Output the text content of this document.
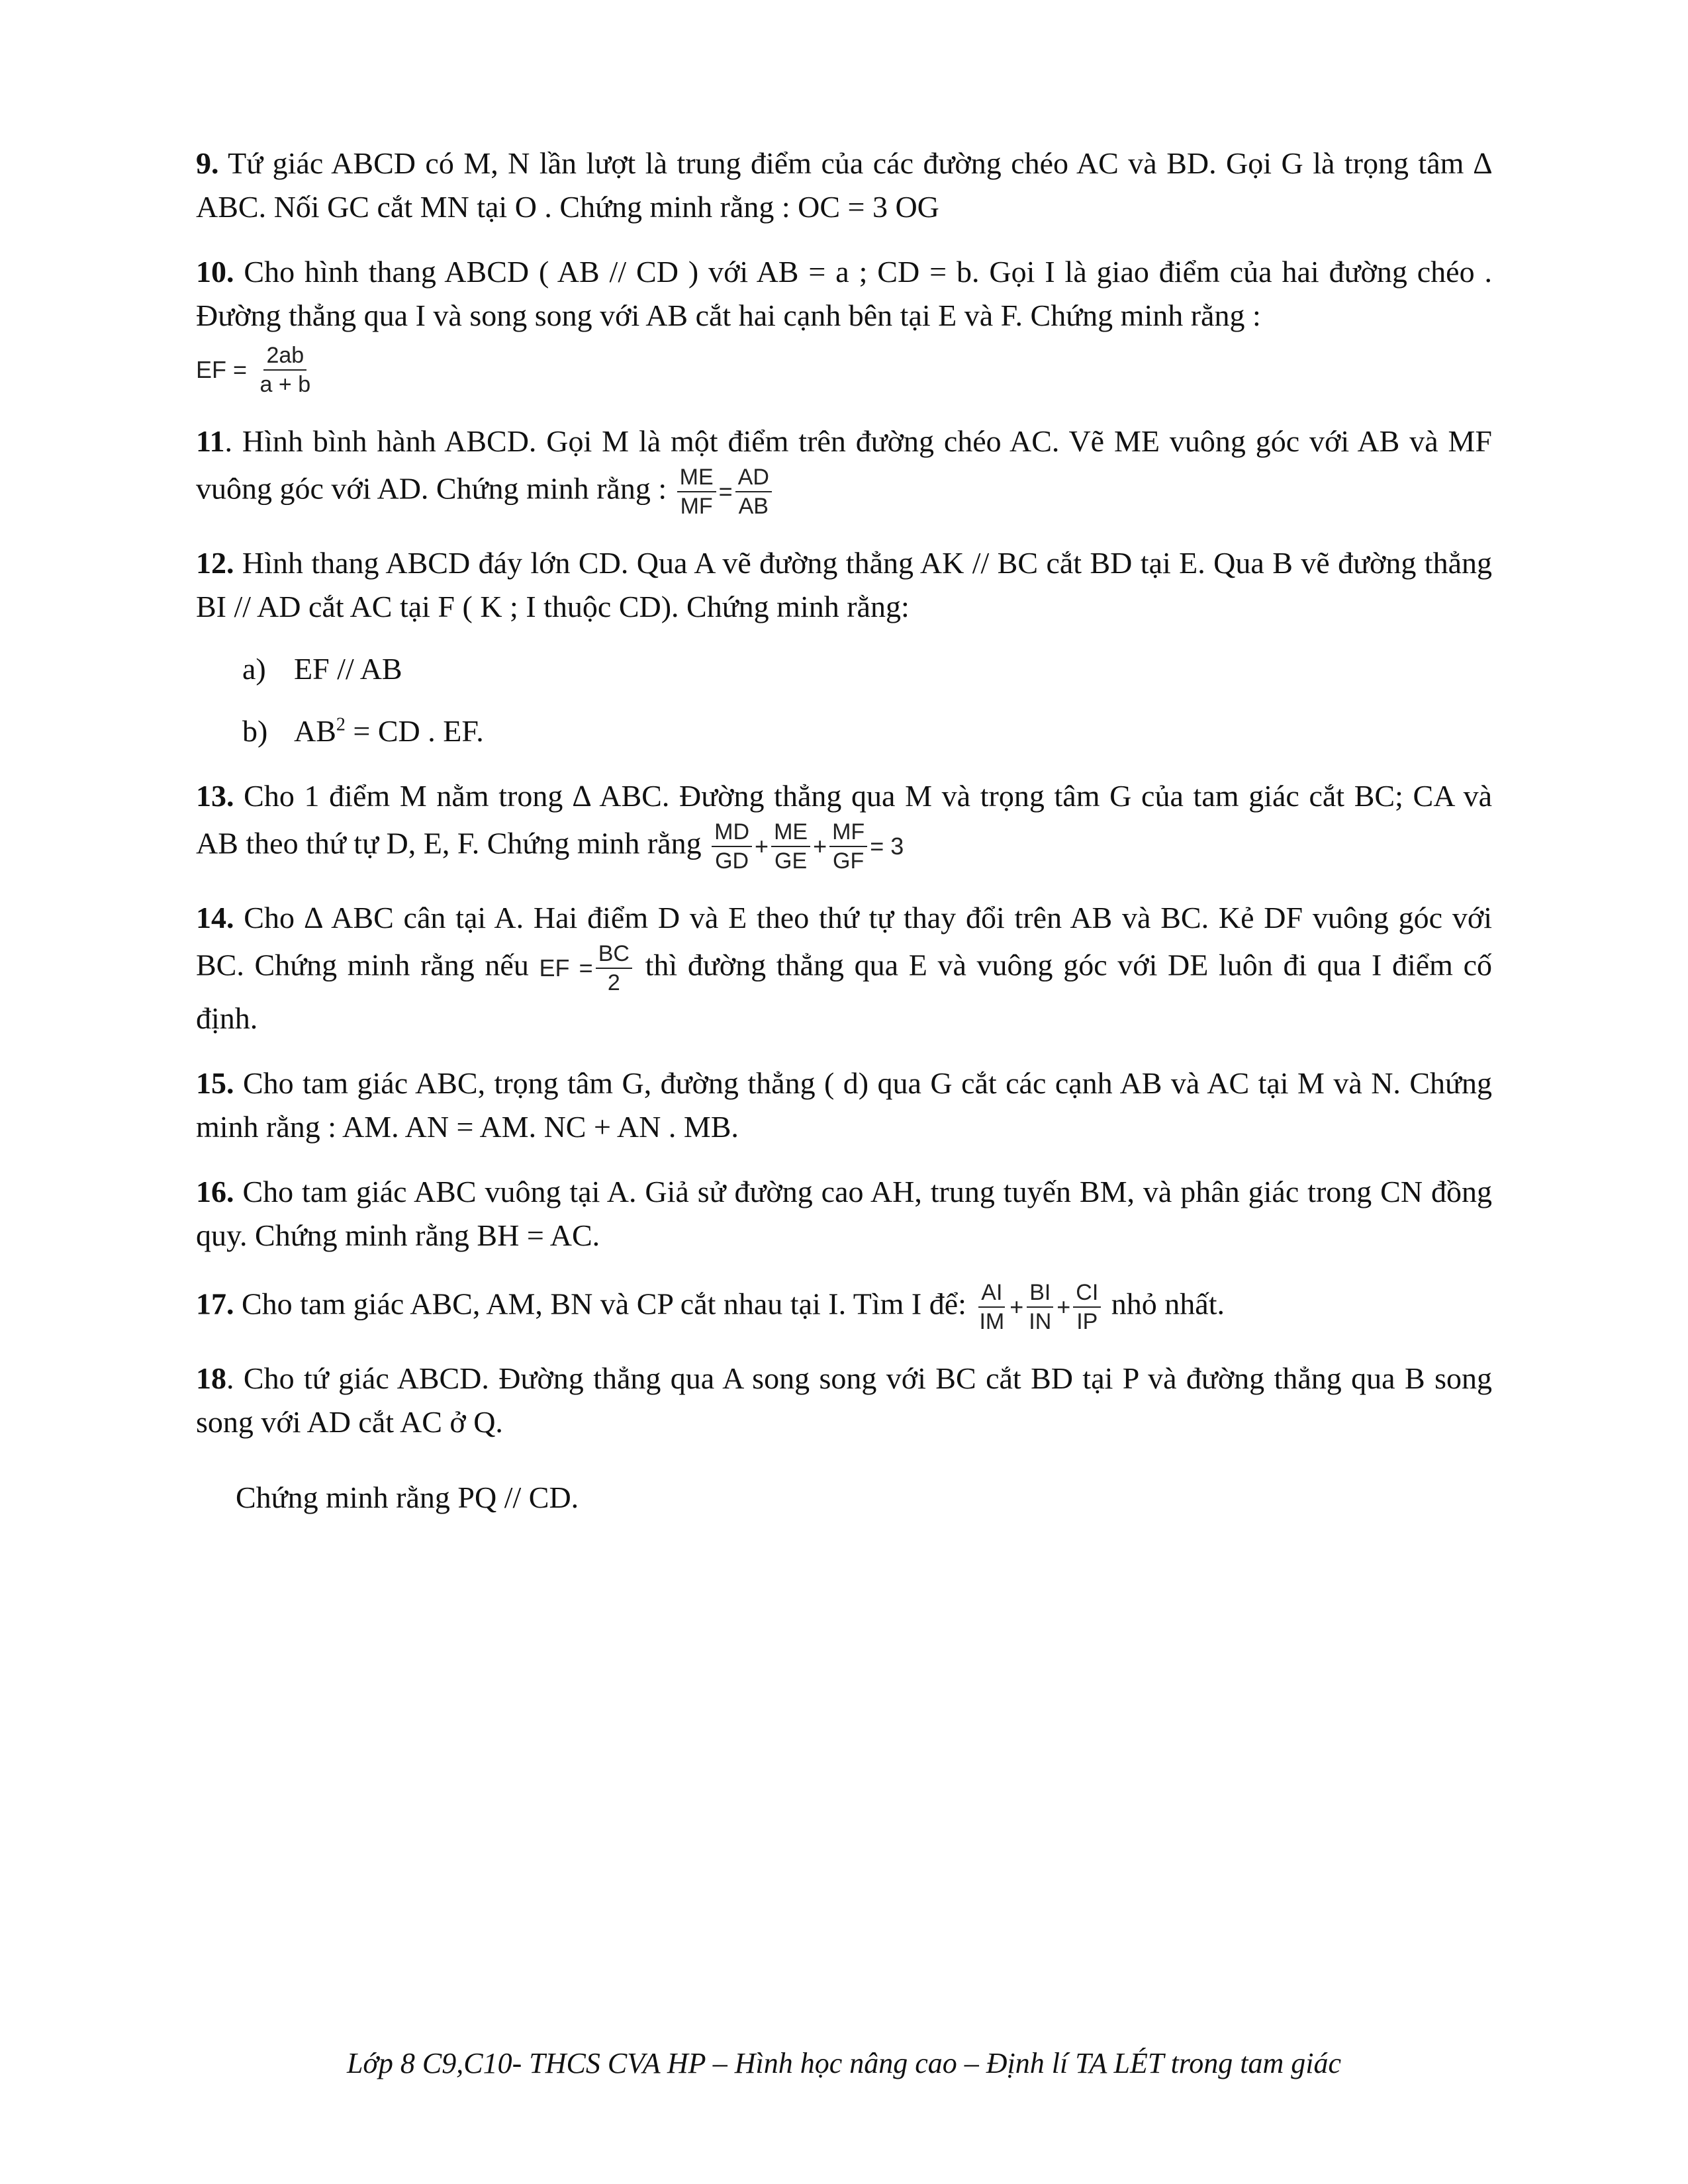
9. Tứ giác ABCD có M, N lần lượt là trung điểm của các đường chéo AC và BD. Gọi G là trọng tâm ∆ ABC. Nối GC cắt MN tại O . Chứng minh rằng : OC = 3 OG

10. Cho hình thang ABCD ( AB // CD ) với AB = a ; CD = b. Gọi I là giao điểm của hai đường chéo . Đường thẳng qua I và song song với AB cắt hai cạnh bên tại E và F. Chứng minh rằng :
EF = $\frac{2ab}{a + b}$

11. Hình bình hành ABCD. Gọi M là một điểm trên đường chéo AC. Vẽ ME vuông góc với AB và MF vuông góc với AD. Chứng minh rằng : $\frac{ME}{MF} = \frac{AD}{AB}$

12. Hình thang ABCD đáy lớn CD. Qua A vẽ đường thẳng AK // BC cắt BD tại E. Qua B vẽ đường thẳng BI // AD cắt AC tại F ( K ; I thuộc CD). Chứng minh rằng:
a) EF // AB
b) $AB^2$ = CD . EF.

13. Cho 1 điểm M nằm trong ∆ ABC. Đường thẳng qua M và trọng tâm G của tam giác cắt BC; CA và AB theo thứ tự D, E, F. Chứng minh rằng $\frac{MD}{GD} + \frac{ME}{GE} + \frac{MF}{GF} = 3$

14. Cho ∆ ABC cân tại A. Hai điểm D và E theo thứ tự thay đổi trên AB và BC. Kẻ DF vuông góc với BC. Chứng minh rằng nếu EF = $\frac{BC}{2}$ thì đường thẳng qua E và vuông góc với DE luôn đi qua I điểm cố định.

15. Cho tam giác ABC, trọng tâm G, đường thẳng ( d) qua G cắt các cạnh AB và AC tại M và N. Chứng minh rằng : AM. AN = AM. NC + AN . MB.

16. Cho tam giác ABC vuông tại A. Giả sử đường cao AH, trung tuyến BM, và phân giác trong CN đồng quy. Chứng minh rằng BH = AC.

17. Cho tam giác ABC, AM, BN và CP cắt nhau tại I. Tìm I để: $\frac{AI}{IM} + \frac{BI}{IN} + \frac{CI}{IP}$ nhỏ nhất.

18. Cho tứ giác ABCD. Đường thẳng qua A song song với BC cắt BD tại P và đường thẳng qua B song song với AD cắt AC ở Q.
Chứng minh rằng PQ // CD.
Lớp 8 C9,C10- THCS CVA HP – Hình học nâng cao – Định lí TA LÉT trong tam giác
